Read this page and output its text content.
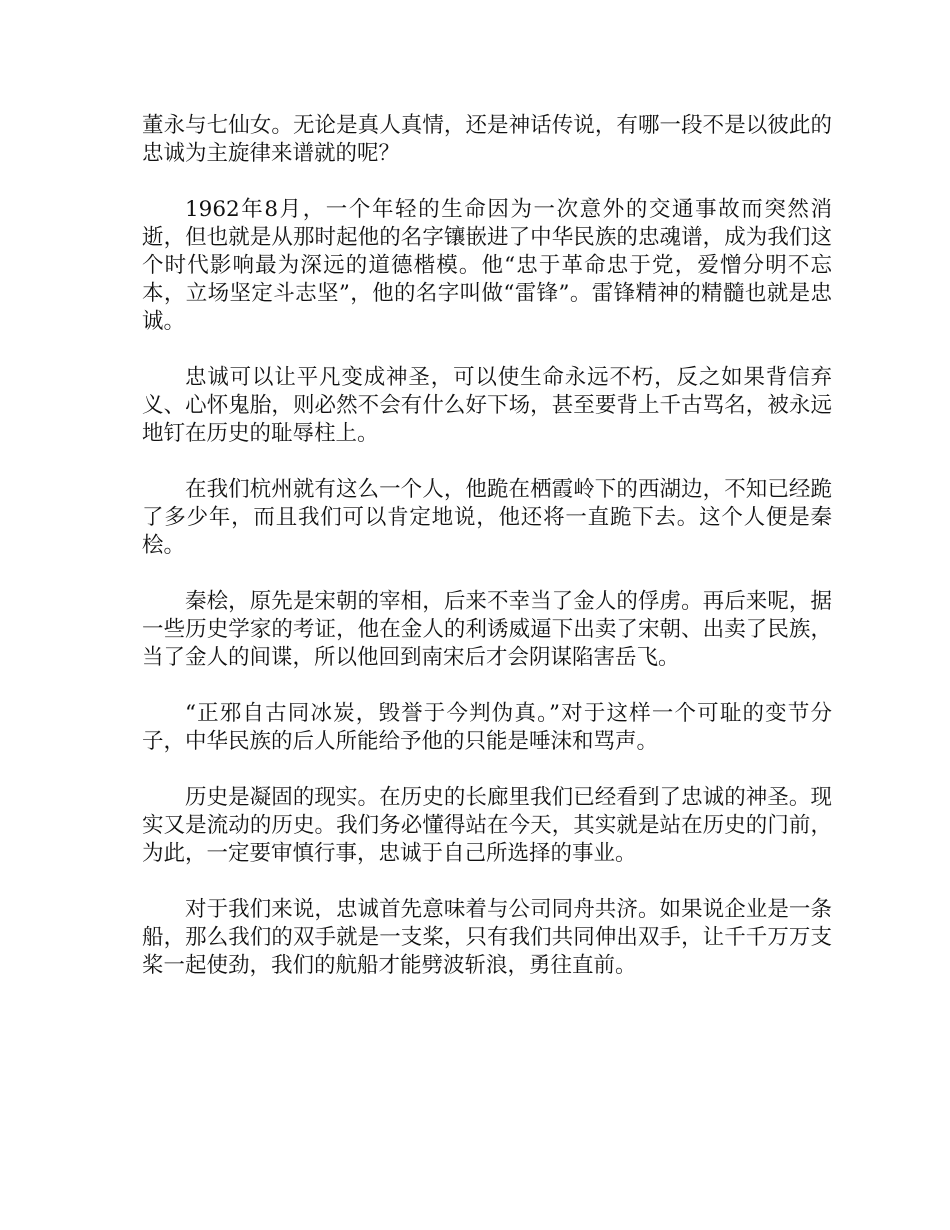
董永与七仙女。无论是真人真情，还是神话传说，有哪一段不是以彼此的忠诚为主旋律来谱就的呢？

1962年8月，一个年轻的生命因为一次意外的交通事故而突然消逝，但也就是从那时起他的名字镶嵌进了中华民族的忠魂谱，成为我们这个时代影响最为深远的道德楷模。他“忠于革命忠于党，爱憎分明不忘本，立场坚定斗志坚”，他的名字叫做“雷锋”。雷锋精神的精髓也就是忠诚。

忠诚可以让平凡变成神圣，可以使生命永远不朽，反之如果背信弃义、心怀鬼胎，则必然不会有什么好下场，甚至要背上千古骂名，被永远地钉在历史的耻辱柱上。

在我们杭州就有这么一个人，他跪在栖霞岭下的西湖边，不知已经跪了多少年，而且我们可以肯定地说，他还将一直跪下去。这个人便是秦桧。

秦桧，原先是宋朝的宰相，后来不幸当了金人的俘虏。再后来呢，据一些历史学家的考证，他在金人的利诱威逼下出卖了宋朝、出卖了民族，当了金人的间谍，所以他回到南宋后才会阴谋陷害岳飞。

“正邪自古同冰炭，毁誉于今判伪真。”对于这样一个可耻的变节分子，中华民族的后人所能给予他的只能是唾沫和骂声。

历史是凝固的现实。在历史的长廊里我们已经看到了忠诚的神圣。现实又是流动的历史。我们务必懂得站在今天，其实就是站在历史的门前，为此，一定要审慎行事，忠诚于自己所选择的事业。

对于我们来说，忠诚首先意味着与公司同舟共济。如果说企业是一条船，那么我们的双手就是一支桨，只有我们共同伸出双手，让千千万万支桨一起使劲，我们的航船才能劈波斩浪，勇往直前。
